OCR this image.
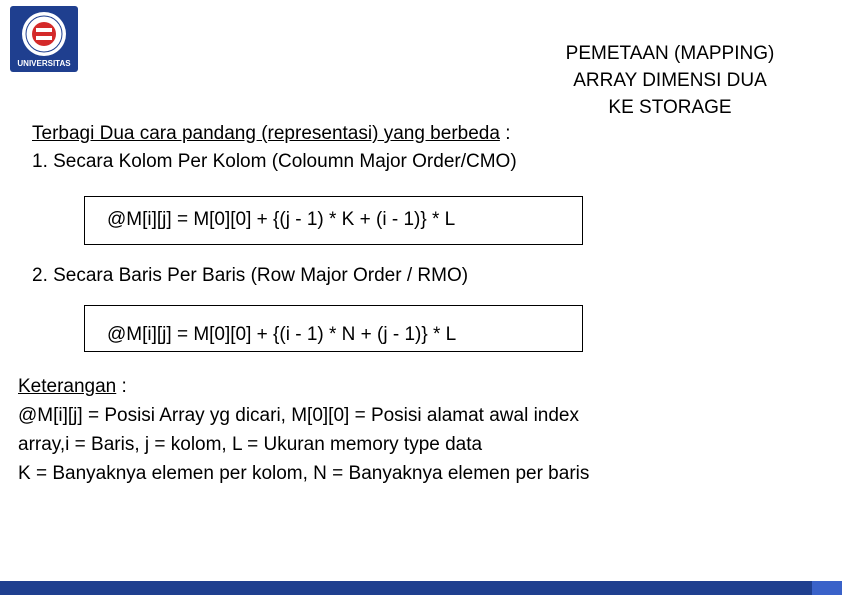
UNIVERSITAS	PEMETAAN (MAPPING)
ARRAY DIMENSI DUA
KE STORAGE
Terbagi Dua cara pandang (representasi) yang berbeda :
1. Secara Kolom Per Kolom (Coloumn Major Order/CMO)
@M[i][j] = M[0][0] + {(j - 1) * K + (i - 1)} * L
2. Secara Baris Per Baris (Row Major Order / RMO)
@M[i][j] = M[0][0] + {(i - 1) * N + (j - 1)} * L
Keterangan :
@M[i][j] = Posisi Array yg dicari, M[0][0] = Posisi alamat awal index
array,i = Baris, j = kolom, L = Ukuran memory type data
K = Banyaknya elemen per kolom, N = Banyaknya elemen per baris
